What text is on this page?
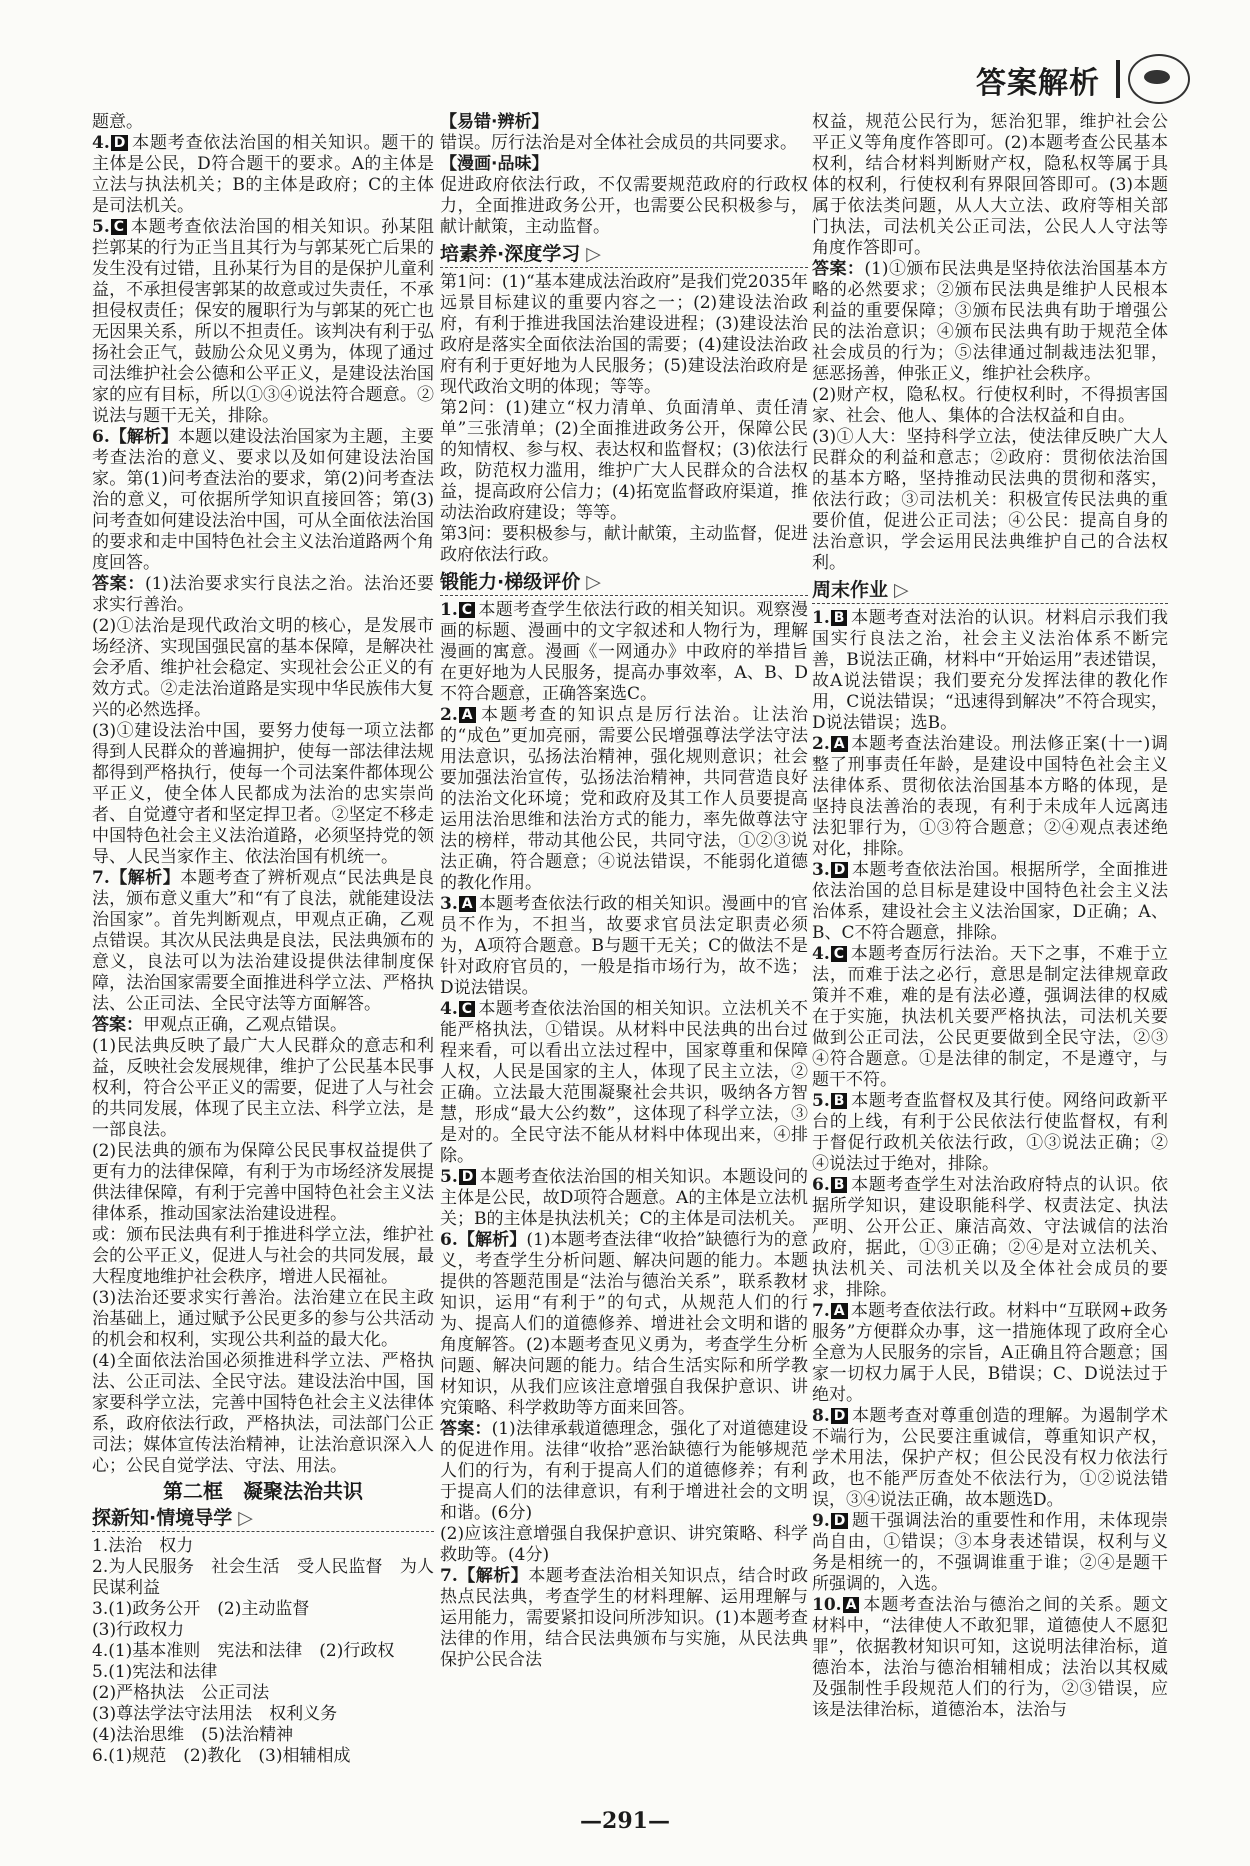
答案解析

题意。

4. D 本题考查依法治国的相关知识。题干的主体是公民，D符合题干的要求。A的主体是立法与执法机关；B的主体是政府；C的主体是司法机关。

5. C 本题考查依法治国的相关知识。孙某阻拦郭某的行为正当且其行为与郭某死亡后果的发生没有过错，且孙某行为目的是保护儿童利益，不承担侵害郭某的故意或过失责任，不承担侵权责任；保安的履职行为与郭某的死亡也无因果关系，所以不担责任。该判决有利于弘扬社会正气，鼓励公众见义勇为，体现了通过司法维护社会公德和公平正义，是建设法治国家的应有目标，所以①③④说法符合题意。②说法与题干无关，排除。

6.【解析】本题以建设法治国家为主题，主要考查法治的意义、要求以及如何建设法治国家。第(1)问考查法治的要求，第(2)问考查法治的意义，可依据所学知识直接回答；第(3)问考查如何建设法治中国，可从全面依法治国的要求和走中国特色社会主义法治道路两个角度回答。

答案：(1)法治要求实行良法之治。法治还要求实行善治。

(2)①法治是现代政治文明的核心，是发展市场经济、实现国强民富的基本保障，是解决社会矛盾、维护社会稳定、实现社会公正义的有效方式。②走法治道路是实现中华民族伟大复兴的必然选择。

(3)①建设法治中国，要努力使每一项立法都得到人民群众的普遍拥护，使每一部法律法规都得到严格执行，使每一个司法案件都体现公平正义，使全体人民都成为法治的忠实崇尚者、自觉遵守者和坚定捍卫者。②坚定不移走中国特色社会主义法治道路，必须坚持党的领导、人民当家作主、依法治国有机统一。

7.【解析】本题考查了辨析观点“民法典是良法，颁布意义重大”和“有了良法，就能建设法治国家”。首先判断观点，甲观点正确，乙观点错误。其次从民法典是良法，民法典颁布的意义，良法可以为法治建设提供法律制度保障，法治国家需要全面推进科学立法、严格执法、公正司法、全民守法等方面解答。

答案：甲观点正确，乙观点错误。

(1)民法典反映了最广大人民群众的意志和利益，反映社会发展规律，维护了公民基本民事权利，符合公平正义的需要，促进了人与社会的共同发展，体现了民主立法、科学立法，是一部良法。

(2)民法典的颁布为保障公民民事权益提供了更有力的法律保障，有利于为市场经济发展提供法律保障，有利于完善中国特色社会主义法律体系，推动国家法治建设进程。

或：颁布民法典有利于推进科学立法，维护社会的公平正义，促进人与社会的共同发展，最大程度地维护社会秩序，增进人民福祉。

(3)法治还要求实行善治。法治建立在民主政治基础上，通过赋予公民更多的参与公共活动的机会和权利，实现公共利益的最大化。

(4)全面依法治国必须推进科学立法、严格执法、公正司法、全民守法。建设法治中国，国家要科学立法，完善中国特色社会主义法律体系，政府依法行政，严格执法，司法部门公正司法；媒体宣传法治精神，让法治意识深入人心；公民自觉学法、守法、用法。

第二框　凝聚法治共识
探新知·情境导学 ▷

1.法治　权力

2.为人民服务　社会生活　受人民监督　为人民谋利益

3.(1)政务公开　(2)主动监督

(3)行政权力

4.(1)基本准则　宪法和法律　(2)行政权

5.(1)宪法和法律

(2)严格执法　公正司法

(3)尊法学法守法用法　权利义务

(4)法治思维　(5)法治精神

6.(1)规范　(2)教化　(3)相辅相成

【易错·辨析】

错误。厉行法治是对全体社会成员的共同要求。

【漫画·品味】

促进政府依法行政，不仅需要规范政府的行政权力，全面推进政务公开，也需要公民积极参与，献计献策，主动监督。

培素养·深度学习 ▷

第1问：(1)“基本建成法治政府”是我们党2035年远景目标建议的重要内容之一；(2)建设法治政府，有利于推进我国法治建设进程；(3)建设法治政府是落实全面依法治国的需要；(4)建设法治政府有利于更好地为人民服务；(5)建设法治政府是现代政治文明的体现；等等。

第2问：(1)建立“权力清单、负面清单、责任清单”三张清单；(2)全面推进政务公开，保障公民的知情权、参与权、表达权和监督权；(3)依法行政，防范权力滥用，维护广大人民群众的合法权益，提高政府公信力；(4)拓宽监督政府渠道，推动法治政府建设；等等。

第3问：要积极参与，献计献策，主动监督，促进政府依法行政。

锻能力·梯级评价 ▷

1. C 本题考查学生依法行政的相关知识。观察漫画的标题、漫画中的文字叙述和人物行为，理解漫画的寓意。漫画《一网通办》中政府的举措旨在更好地为人民服务，提高办事效率，A、B、D不符合题意，正确答案选C。

2. A 本题考查的知识点是厉行法治。让法治的“成色”更加亮丽，需要公民增强尊法学法守法用法意识，弘扬法治精神，强化规则意识；社会要加强法治宣传，弘扬法治精神，共同营造良好的法治文化环境；党和政府及其工作人员要提高运用法治思维和法治方式的能力，率先做尊法守法的榜样，带动其他公民，共同守法，①②③说法正确，符合题意；④说法错误，不能弱化道德的教化作用。

3. A 本题考查依法行政的相关知识。漫画中的官员不作为，不担当，故要求官员法定职责必须为，A项符合题意。B与题干无关；C的做法不是针对政府官员的，一般是指市场行为，故不选；D说法错误。

4. C 本题考查依法治国的相关知识。立法机关不能严格执法，①错误。从材料中民法典的出台过程来看，可以看出立法过程中，国家尊重和保障人权，人民是国家的主人，体现了民主立法，②正确。立法最大范围凝聚社会共识，吸纳各方智慧，形成“最大公约数”，这体现了科学立法，③是对的。全民守法不能从材料中体现出来，④排除。

5. D 本题考查依法治国的相关知识。本题设问的主体是公民，故D项符合题意。A的主体是立法机关；B的主体是执法机关；C的主体是司法机关。

6.【解析】(1)本题考查法律“收拾”缺德行为的意义，考查学生分析问题、解决问题的能力。本题提供的答题范围是“法治与德治关系”，联系教材知识，运用“有利于”的句式，从规范人们的行为、提高人们的道德修养、增进社会文明和谐的角度解答。(2)本题考查见义勇为，考查学生分析问题、解决问题的能力。结合生活实际和所学教材知识，从我们应该注意增强自我保护意识、讲究策略、科学救助等方面来回答。

答案：(1)法律承载道德理念，强化了对道德建设的促进作用。法律“收拾”恶治缺德行为能够规范人们的行为，有利于提高人们的道德修养；有利于提高人们的法律意识，有利于增进社会的文明和谐。(6分)

(2)应该注意增强自我保护意识、讲究策略、科学救助等。(4分)

7.【解析】本题考查法治相关知识点，结合时政热点民法典，考查学生的材料理解、运用理解与运用能力，需要紧扣设问所涉知识。(1)本题考查法律的作用，结合民法典颁布与实施，从民法典保护公民合法

权益，规范公民行为，惩治犯罪，维护社会公平正义等角度作答即可。(2)本题考查公民基本权利，结合材料判断财产权，隐私权等属于具体的权利，行使权利有界限回答即可。(3)本题属于依法类问题，从人大立法、政府等相关部门执法，司法机关公正司法，公民人人守法等角度作答即可。

答案：(1)①颁布民法典是坚持依法治国基本方略的必然要求；②颁布民法典是维护人民根本利益的重要保障；③颁布民法典有助于增强公民的法治意识；④颁布民法典有助于规范全体社会成员的行为；⑤法律通过制裁违法犯罪，惩恶扬善，伸张正义，维护社会秩序。

(2)财产权，隐私权。行使权利时，不得损害国家、社会、他人、集体的合法权益和自由。

(3)①人大：坚持科学立法，使法律反映广大人民群众的利益和意志；②政府：贯彻依法治国的基本方略，坚持推动民法典的贯彻和落实，依法行政；③司法机关：积极宣传民法典的重要价值，促进公正司法；④公民：提高自身的法治意识，学会运用民法典维护自己的合法权利。

周末作业 ▷

1. B 本题考查对法治的认识。材料启示我们我国实行良法之治，社会主义法治体系不断完善，B说法正确，材料中“开始运用”表述错误，故A说法错误；我们要充分发挥法律的教化作用，C说法错误；“迅速得到解决”不符合现实，D说法错误；选B。

2. A 本题考查法治建设。刑法修正案(十一)调整了刑事责任年龄，是建设中国特色社会主义法律体系、贯彻依法治国基本方略的体现，是坚持良法善治的表现，有利于未成年人远离违法犯罪行为，①③符合题意；②④观点表述绝对化，排除。

3. D 本题考查依法治国。根据所学，全面推进依法治国的总目标是建设中国特色社会主义法治体系，建设社会主义法治国家，D正确；A、B、C不符合题意，排除。

4. C 本题考查厉行法治。天下之事，不难于立法，而难于法之必行，意思是制定法律规章政策并不难，难的是有法必遵，强调法律的权威在于实施，执法机关要严格执法，司法机关要做到公正司法，公民更要做到全民守法，②③④符合题意。①是法律的制定，不是遵守，与题干不符。

5. B 本题考查监督权及其行使。网络问政新平台的上线，有利于公民依法行使监督权，有利于督促行政机关依法行政，①③说法正确；②④说法过于绝对，排除。

6. B 本题考查学生对法治政府特点的认识。依据所学知识，建设职能科学、权责法定、执法严明、公开公正、廉洁高效、守法诚信的法治政府，据此，①③正确；②④是对立法机关、执法机关、司法机关以及全体社会成员的要求，排除。

7. A 本题考查依法行政。材料中“互联网+政务服务”方便群众办事，这一措施体现了政府全心全意为人民服务的宗旨，A正确且符合题意；国家一切权力属于人民，B错误；C、D说法过于绝对。

8. D 本题考查对尊重创造的理解。为遏制学术不端行为，公民要注重诚信，尊重知识产权，学术用法，保护产权；但公民没有权力依法行政，也不能严厉查处不依法行为，①②说法错误，③④说法正确，故本题选D。

9. D 题干强调法治的重要性和作用，未体现崇尚自由，①错误；③本身表述错误，权利与义务是相统一的，不强调谁重于谁；②④是题干所强调的，入选。

10. A 本题考查法治与德治之间的关系。题文材料中，“法律使人不敢犯罪，道德使人不愿犯罪”，依据教材知识可知，这说明法律治标，道德治本，法治与德治相辅相成；法治以其权威及强制性手段规范人们的行为，②③错误，应该是法律治标，道德治本，法治与

—291—
